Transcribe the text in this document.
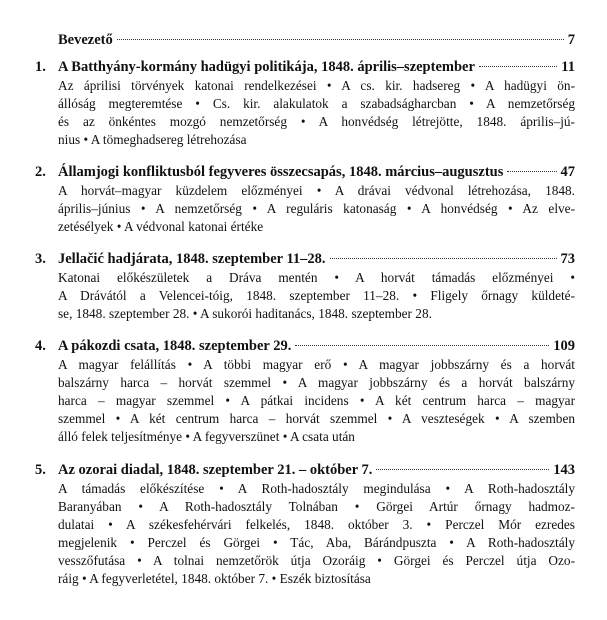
Bevezető	7
1. A Batthyány-kormány hadügyi politikája, 1848. április–szeptember	11
Az áprilisi törvények katonai rendelkezései • A cs. kir. hadsereg • A hadügyi ön-
állóság megteremtése • Cs. kir. alakulatok a szabadságharcban • A nemzetőrség
és az önkéntes mozgó nemzetőrség • A honvédség létrejötte, 1848. április–jú-
nius • A tömeghadsereg létrehozása
2. Államjogi konfliktusból fegyveres összecsapás, 1848. március–augusztus	47
A horvát–magyar küzdelem előzményei • A drávai védvonal létrehozása, 1848.
április–június • A nemzetőrség • A reguláris katonaság • A honvédség • Az elve-
zetésélyek • A védvonal katonai értéke
3. Jellačić hadjárata, 1848. szeptember 11–28.	73
Katonai előkészületek a Dráva mentén • A horvát támadás előzményei •
A Drávától a Velencei-tóig, 1848. szeptember 11–28. • Fligely őrnagy küldeté-
se, 1848. szeptember 28. • A sukorói haditanács, 1848. szeptember 28.
4. A pákozdi csata, 1848. szeptember 29.	109
A magyar felállítás • A többi magyar erő • A magyar jobbszárny és a horvát
balszárny harca – horvát szemmel • A magyar jobbszárny és a horvát balszárny
harca – magyar szemmel • A pátkai incidens • A két centrum harca – magyar
szemmel • A két centrum harca – horvát szemmel • A veszteségek • A szemben
álló felek teljesítménye • A fegyverszünet • A csata után
5. Az ozorai diadal, 1848. szeptember 21. – október 7.	143
A támadás előkészítése • A Roth-hadosztály megindulása • A Roth-hadosztály
Baranyában • A Roth-hadosztály Tolnában • Görgei Artúr őrnagy hadmoz-
dulatai • A székesfehérvári felkelés, 1848. október 3. • Perczel Mór ezredes
megjelenik • Perczel és Görgei • Tác, Aba, Bárándpuszta • A Roth-hadosztály
vesszőfutása • A tolnai nemzetőrök útja Ozoráig • Görgei és Perczel útja Ozo-
ráig • A fegyverletétel, 1848. október 7. • Eszék biztosítása
